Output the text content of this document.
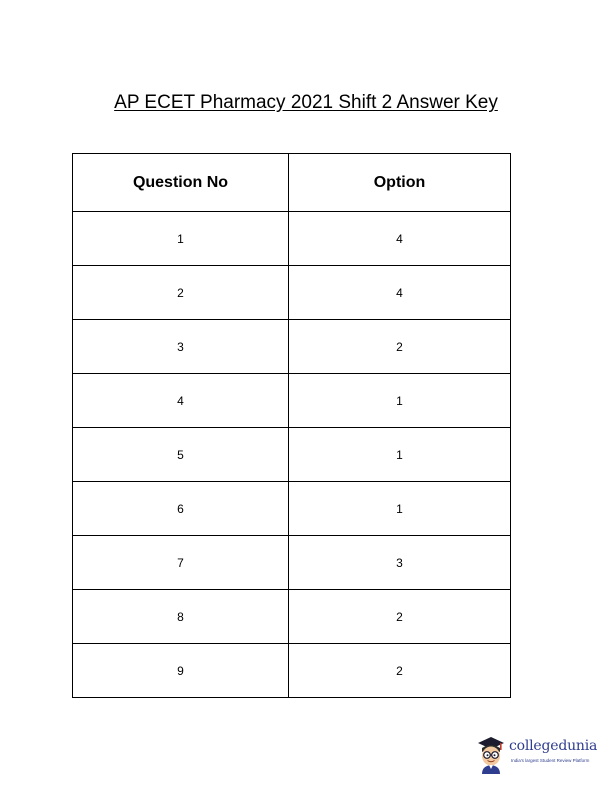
AP ECET Pharmacy 2021 Shift 2 Answer Key
Question No	Option
1	4
2	4
3	2
4	1
5	1
6	1
7	3
8	2
9	2
collegedunia
India's largest Student Review Platform
